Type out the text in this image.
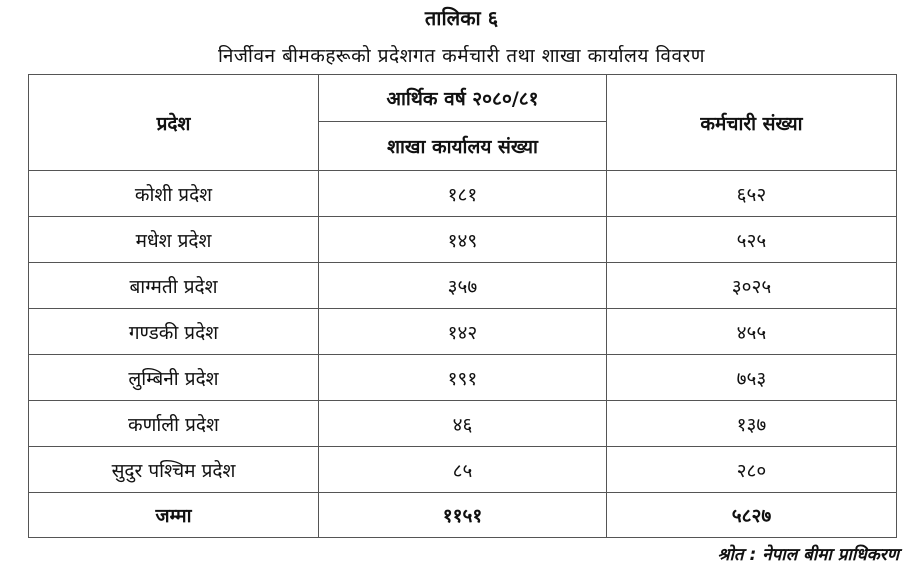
तालिका ६
निर्जीवन बीमकहरूको प्रदेशगत कर्मचारी तथा शाखा कार्यालय विवरण
प्रदेश	आर्थिक वर्ष २०८०/८१	कर्मचारी संख्या
	शाखा कार्यालय संख्या	
कोशी प्रदेश	१८१	६५२
मधेश प्रदेश	१४९	५२५
बाग्मती प्रदेश	३५७	३०२५
गण्डकी प्रदेश	१४२	४५५
लुम्बिनी प्रदेश	१९१	७५३
कर्णाली प्रदेश	४६	१३७
सुदुर पश्चिम प्रदेश	८५	२८०
जम्मा	११५१	५८२७
श्रोत : नेपाल बीमा प्राधिकरण
